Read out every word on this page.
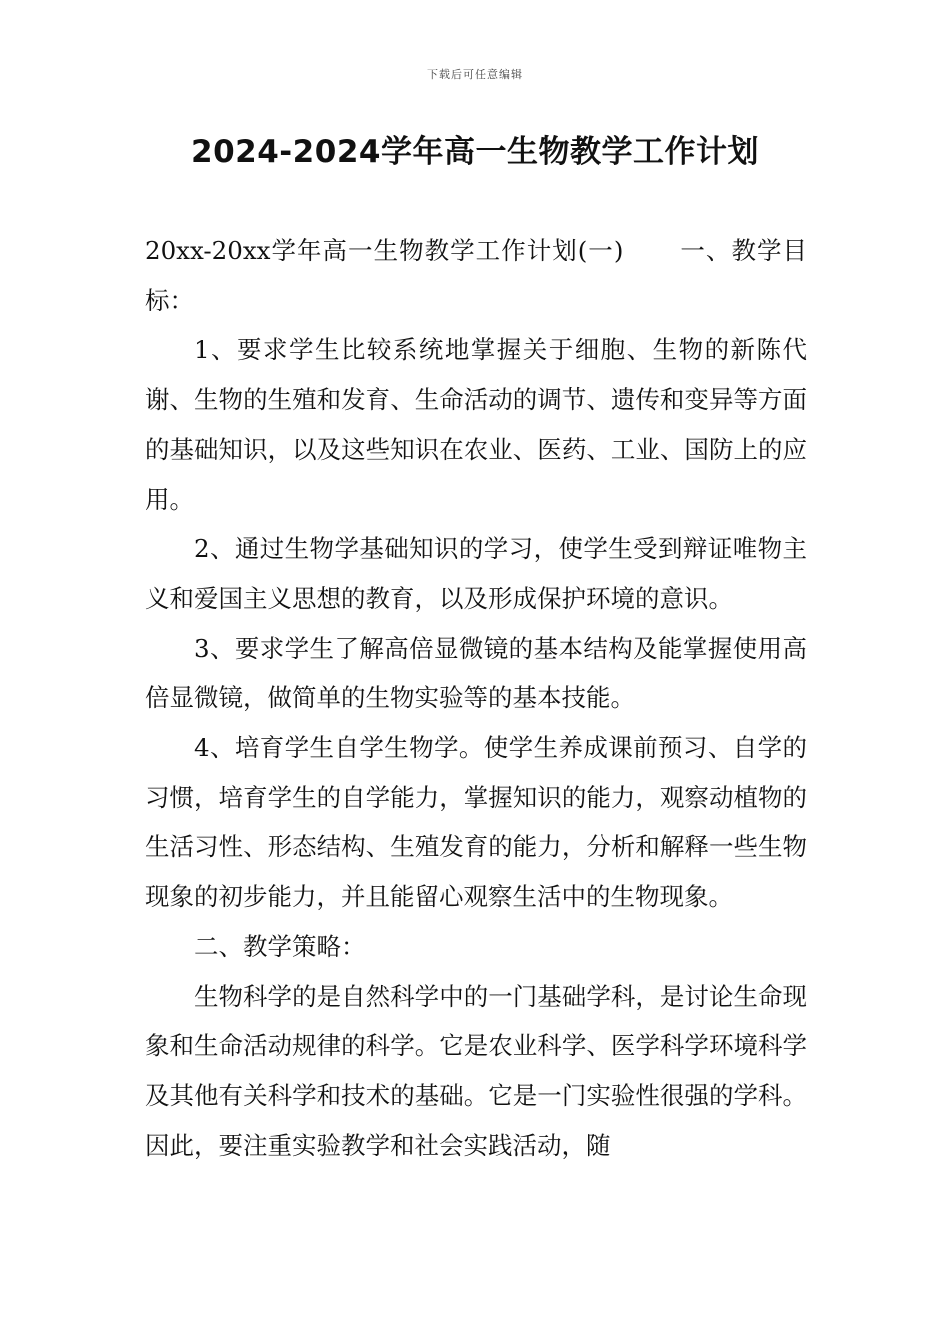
下载后可任意编辑
2024-2024学年高一生物教学工作计划

20xx-20xx学年高一生物教学工作计划(一) 一、教学目标：

1、要求学生比较系统地掌握关于细胞、生物的新陈代谢、生物的生殖和发育、生命活动的调节、遗传和变异等方面的基础知识，以及这些知识在农业、医药、工业、国防上的应用。

2、通过生物学基础知识的学习，使学生受到辩证唯物主义和爱国主义思想的教育，以及形成保护环境的意识。

3、要求学生了解高倍显微镜的基本结构及能掌握使用高倍显微镜，做简单的生物实验等的基本技能。

4、培育学生自学生物学。使学生养成课前预习、自学的习惯，培育学生的自学能力，掌握知识的能力，观察动植物的生活习性、形态结构、生殖发育的能力，分析和解释一些生物现象的初步能力，并且能留心观察生活中的生物现象。

二、教学策略：

生物科学的是自然科学中的一门基础学科，是讨论生命现象和生命活动规律的科学。它是农业科学、医学科学环境科学及其他有关科学和技术的基础。它是一门实验性很强的学科。因此，要注重实验教学和社会实践活动，随
